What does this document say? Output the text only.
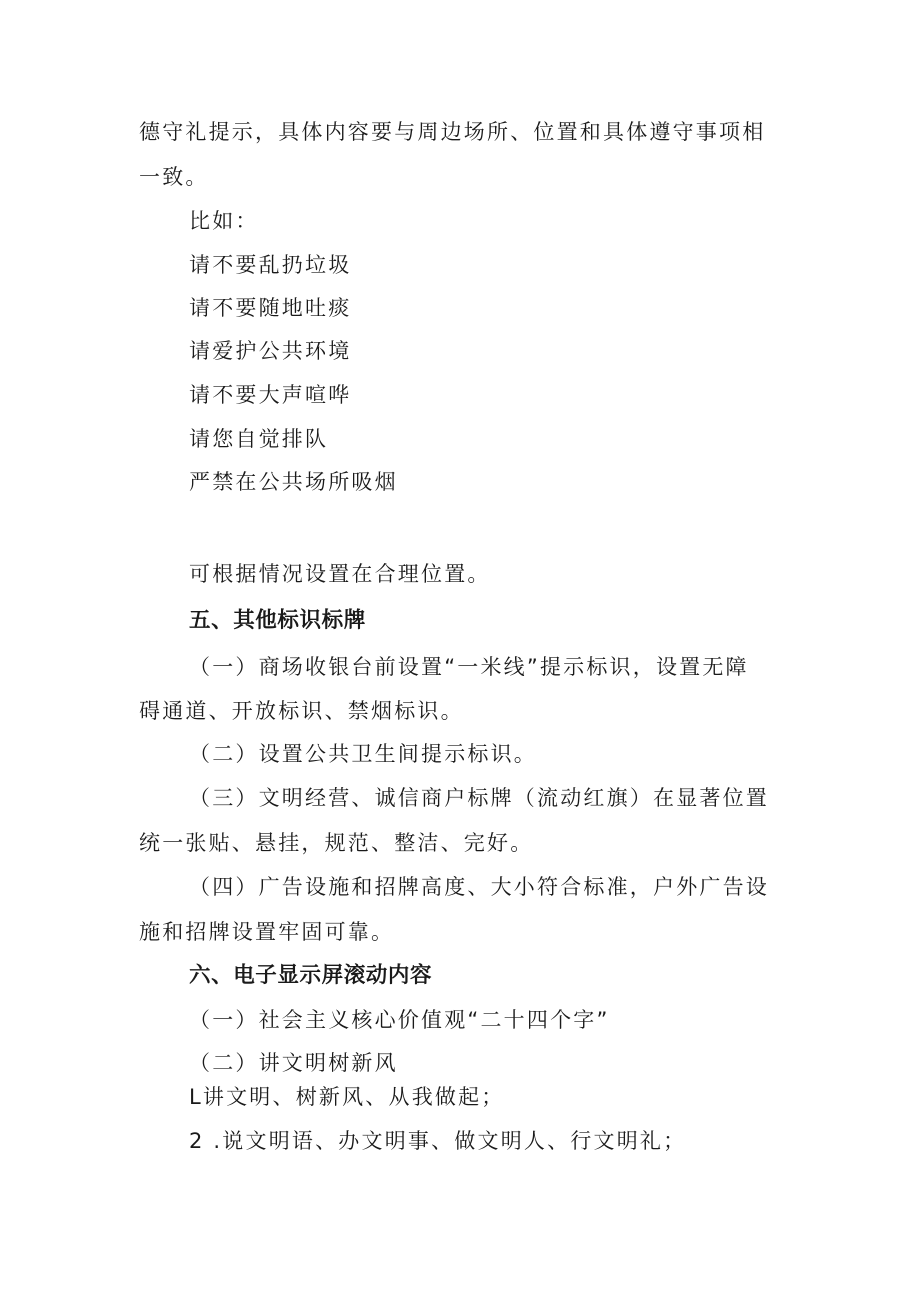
德守礼提示，具体内容要与周边场所、位置和具体遵守事项相
一致。
比如：
请不要乱扔垃圾
请不要随地吐痰
请爱护公共环境
请不要大声喧哗
请您自觉排队
严禁在公共场所吸烟
可根据情况设置在合理位置。
五、其他标识标牌
（一）商场收银台前设置“一米线”提示标识，设置无障
碍通道、开放标识、禁烟标识。
（二）设置公共卫生间提示标识。
（三）文明经营、诚信商户标牌（流动红旗）在显著位置
统一张贴、悬挂，规范、整洁、完好。
（四）广告设施和招牌高度、大小符合标准，户外广告设
施和招牌设置牢固可靠。
六、电子显示屏滚动内容
（一）社会主义核心价值观“二十四个字”
（二）讲文明树新风
L讲文明、树新风、从我做起；
2 .说文明语、办文明事、做文明人、行文明礼；
